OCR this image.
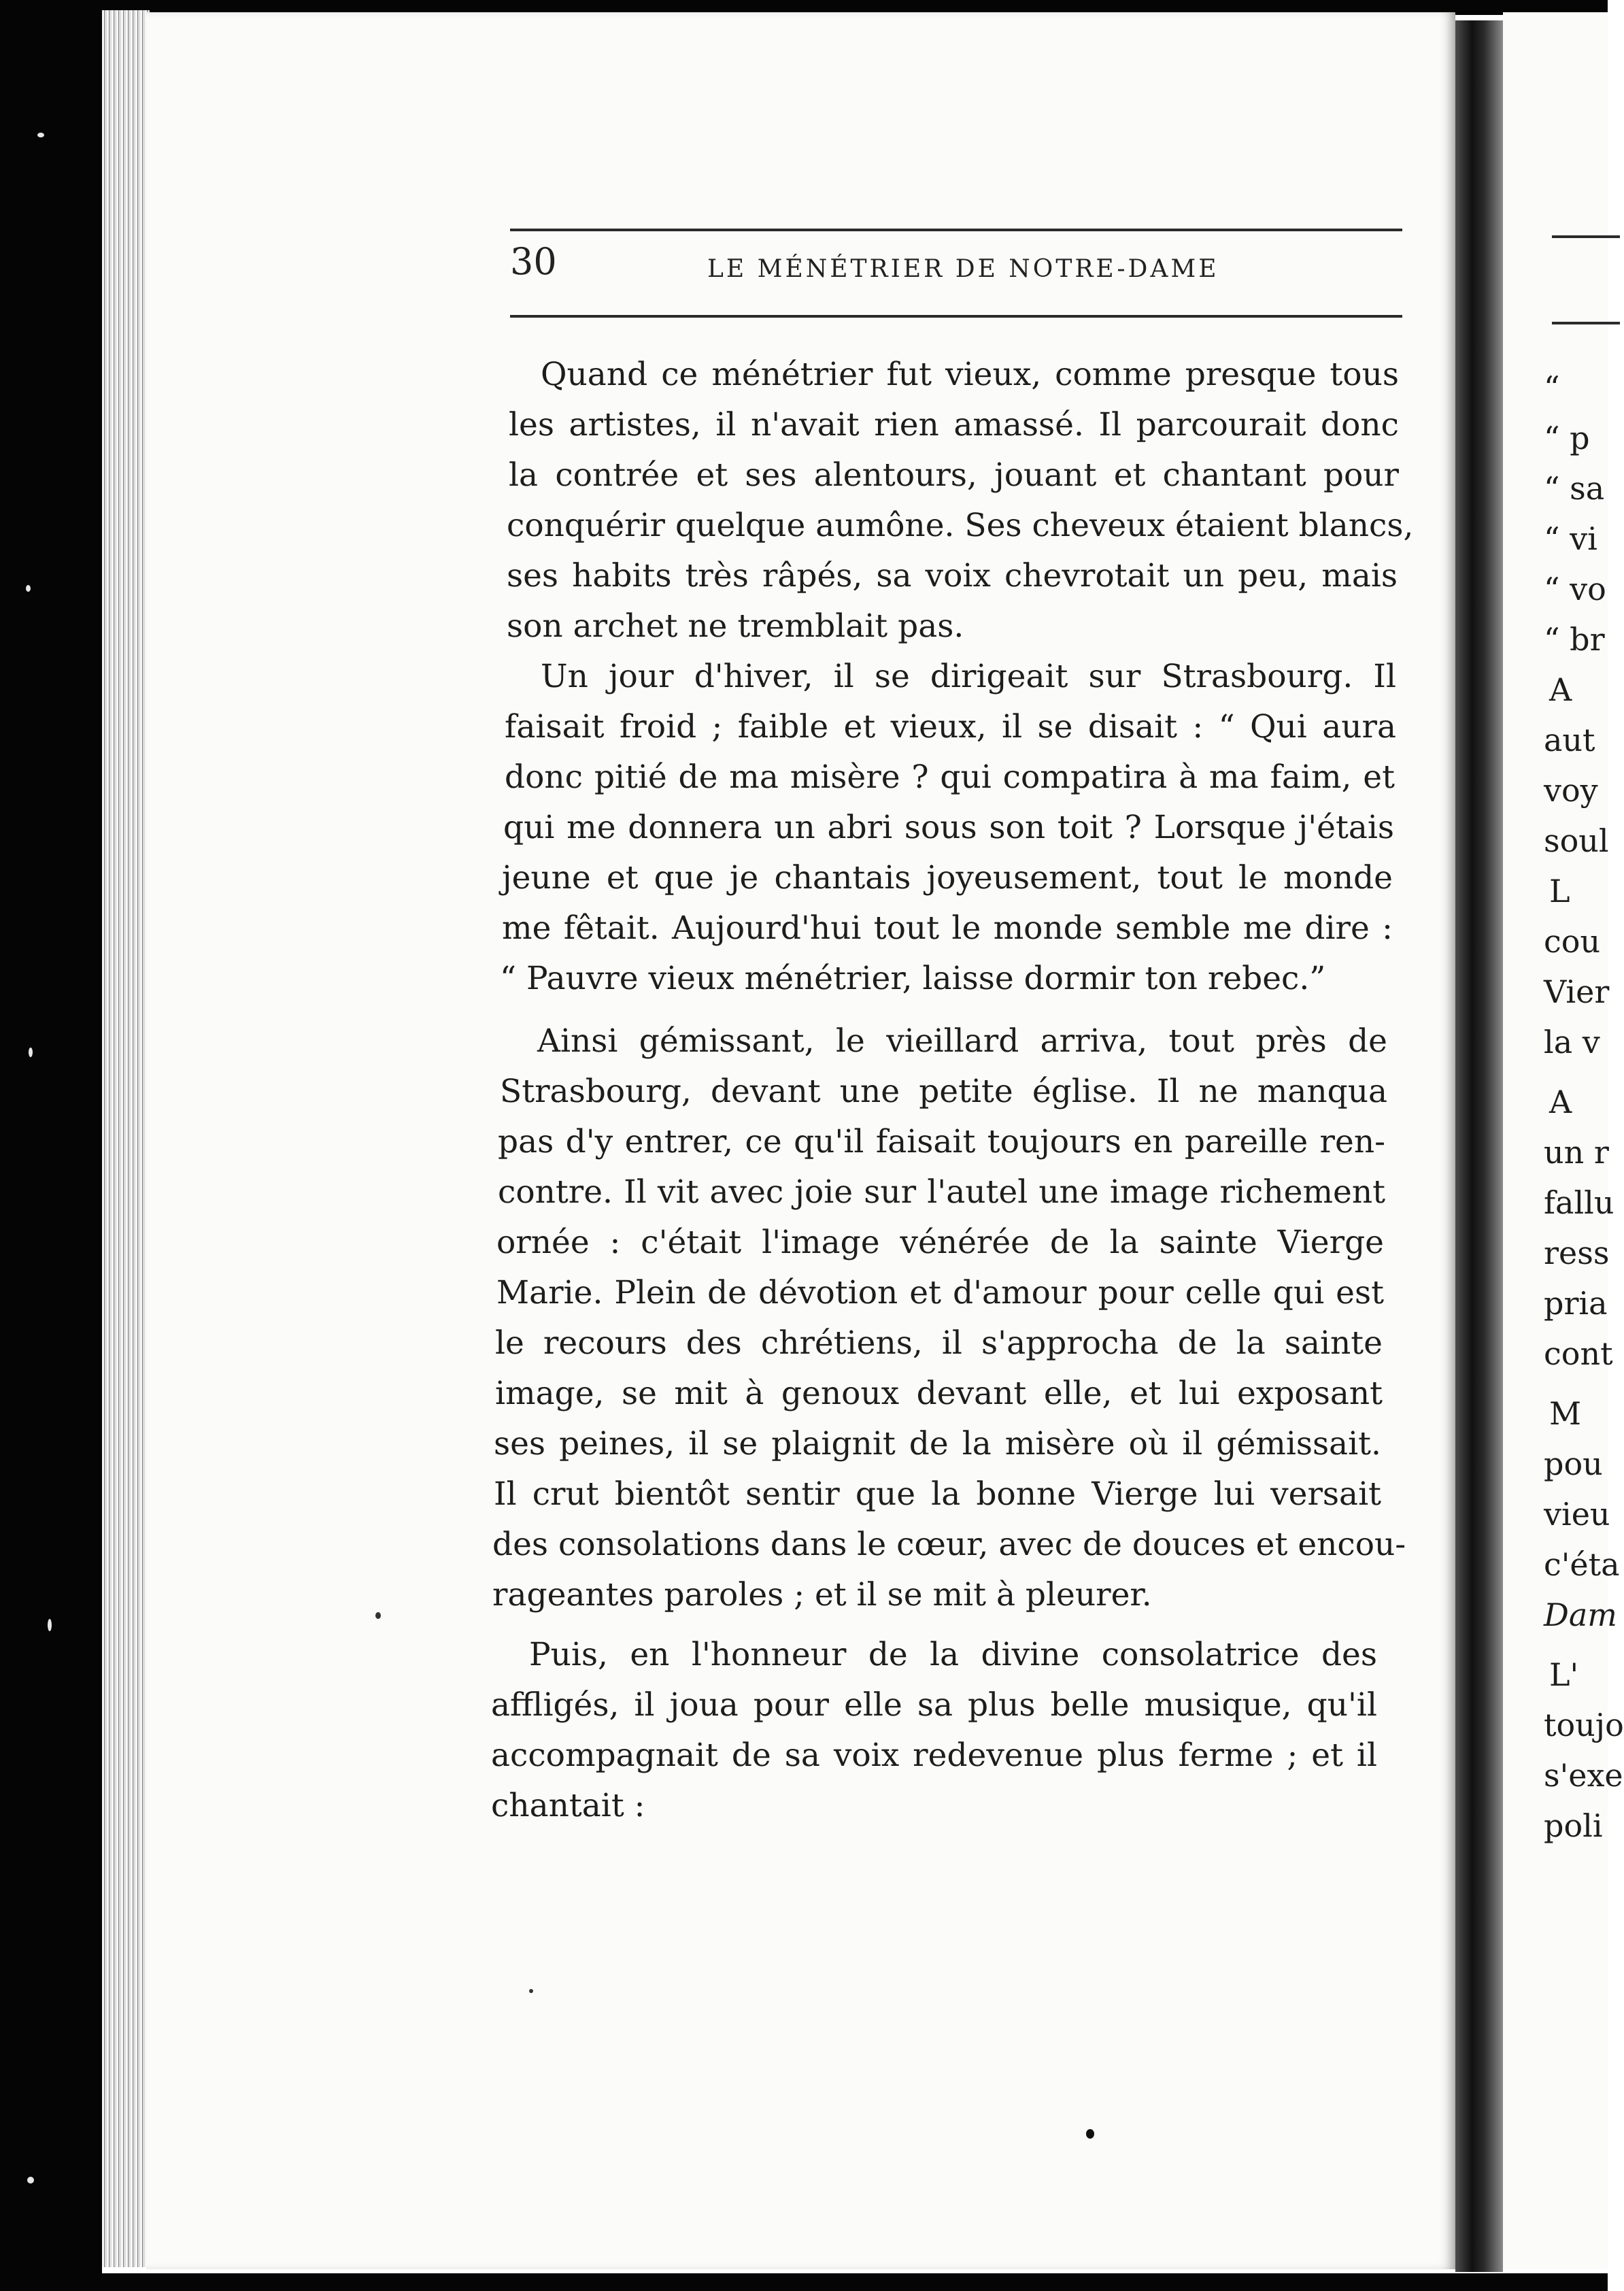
30	LE MÉNÉTRIER DE NOTRE-DAME
Quand ce ménétrier fut vieux, comme presque tous
les artistes, il n'avait rien amassé. Il parcourait donc
la contrée et ses alentours, jouant et chantant pour
conquérir quelque aumône. Ses cheveux étaient blancs,
ses habits très râpés, sa voix chevrotait un peu, mais
son archet ne tremblait pas.
Un jour d'hiver, il se dirigeait sur Strasbourg. Il
faisait froid ; faible et vieux, il se disait : “ Qui aura
donc pitié de ma misère ? qui compatira à ma faim, et
qui me donnera un abri sous son toit ? Lorsque j'étais
jeune et que je chantais joyeusement, tout le monde
me fêtait. Aujourd'hui tout le monde semble me dire :
“ Pauvre vieux ménétrier, laisse dormir ton rebec.”
Ainsi gémissant, le vieillard arriva, tout près de
Strasbourg, devant une petite église. Il ne manqua
pas d'y entrer, ce qu'il faisait toujours en pareille ren-
contre. Il vit avec joie sur l'autel une image richement
ornée : c'était l'image vénérée de la sainte Vierge
Marie. Plein de dévotion et d'amour pour celle qui est
le recours des chrétiens, il s'approcha de la sainte
image, se mit à genoux devant elle, et lui exposant
ses peines, il se plaignit de la misère où il gémissait.
Il crut bientôt sentir que la bonne Vierge lui versait
des consolations dans le cœur, avec de douces et encou-
rageantes paroles ; et il se mit à pleurer.
Puis, en l'honneur de la divine consolatrice des
affligés, il joua pour elle sa plus belle musique, qu'il
accompagnait de sa voix redevenue plus ferme ; et il
chantait :
“
“ p
“ sa
“ vi
“ vo
“ br
A
aut
voy
soul
L
cou
Vier
la v
A
un r
fallu
ress
pria
cont
M
pou
vieu
c'éta
Dam
L'
toujo
s'exe
poli
